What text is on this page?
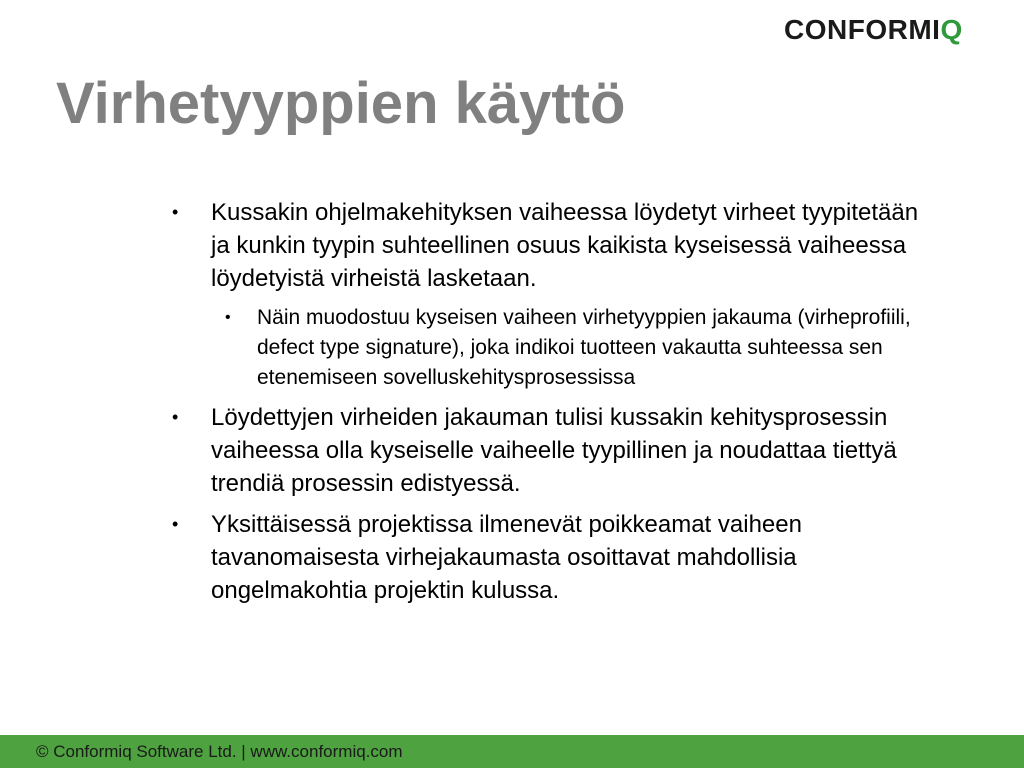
CONFORMIQ
Virhetyyppien käyttö
• Kussakin ohjelmakehityksen vaiheessa löydetyt virheet tyypitetään ja kunkin tyypin suhteellinen osuus kaikista kyseisessä vaiheessa löydetyistä virheistä lasketaan.
• Näin muodostuu kyseisen vaiheen virhetyyppien jakauma (virheprofiili, defect type signature), joka indikoi tuotteen vakautta suhteessa sen etenemiseen sovelluskehitysprosessissa
• Löydettyjen virheiden jakauman tulisi kussakin kehitysprosessin vaiheessa olla kyseiselle vaiheelle tyypillinen ja noudattaa tiettyä trendiä prosessin edistyessä.
• Yksittäisessä projektissa ilmenevät poikkeamat vaiheen tavanomaisesta virhejakaumasta osoittavat mahdollisia ongelmakohtia projektin kulussa.
© Conformiq Software Ltd. | www.conformiq.com
